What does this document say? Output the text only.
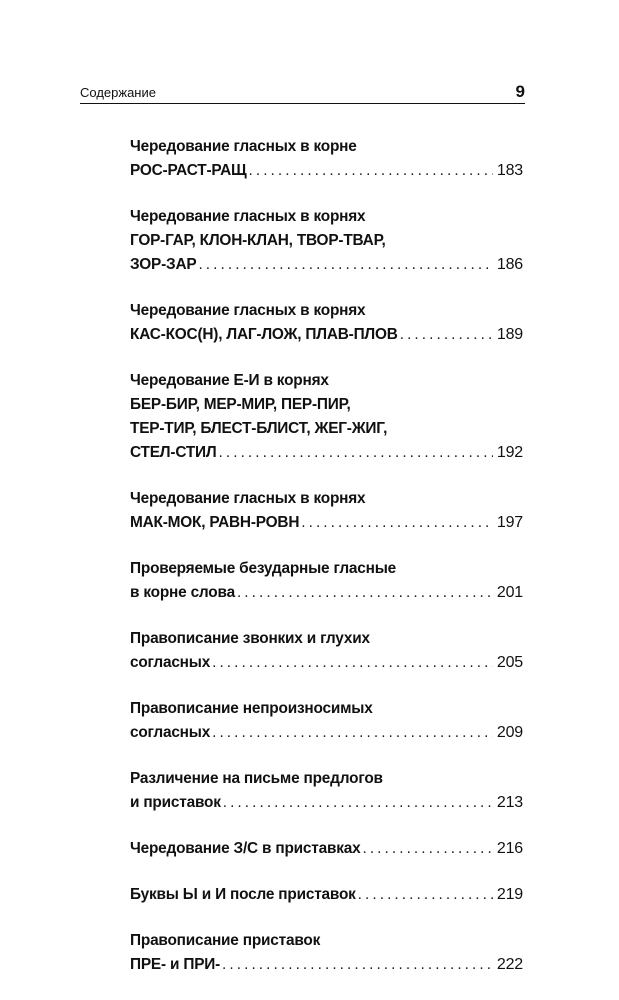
Содержание	9
Чередование гласных в корне
РОС-РАСТ-РАЩ . . .	183
Чередование гласных в корнях
ГОР-ГАР, КЛОН-КЛАН, ТВОР-ТВАР,
ЗОР-ЗАР . . .	186
Чередование гласных в корнях
КАС-КОС(Н), ЛАГ-ЛОЖ, ПЛАВ-ПЛОВ . . .	189
Чередование Е-И в корнях
БЕР-БИР, МЕР-МИР, ПЕР-ПИР,
ТЕР-ТИР, БЛЕСТ-БЛИСТ, ЖЕГ-ЖИГ,
СТЕЛ-СТИЛ . . .	192
Чередование гласных в корнях
МАК-МОК, РАВН-РОВН . . .	197
Проверяемые безударные гласные
в корне слова . . .	201
Правописание звонких и глухих
согласных . . .	205
Правописание непроизносимых
согласных . . .	209
Различение на письме предлогов
и приставок . . .	213
Чередование З/С в приставках . . .	216
Буквы Ы и И после приставок . . .	219
Правописание приставок
ПРЕ- и ПРИ- . . .	222
